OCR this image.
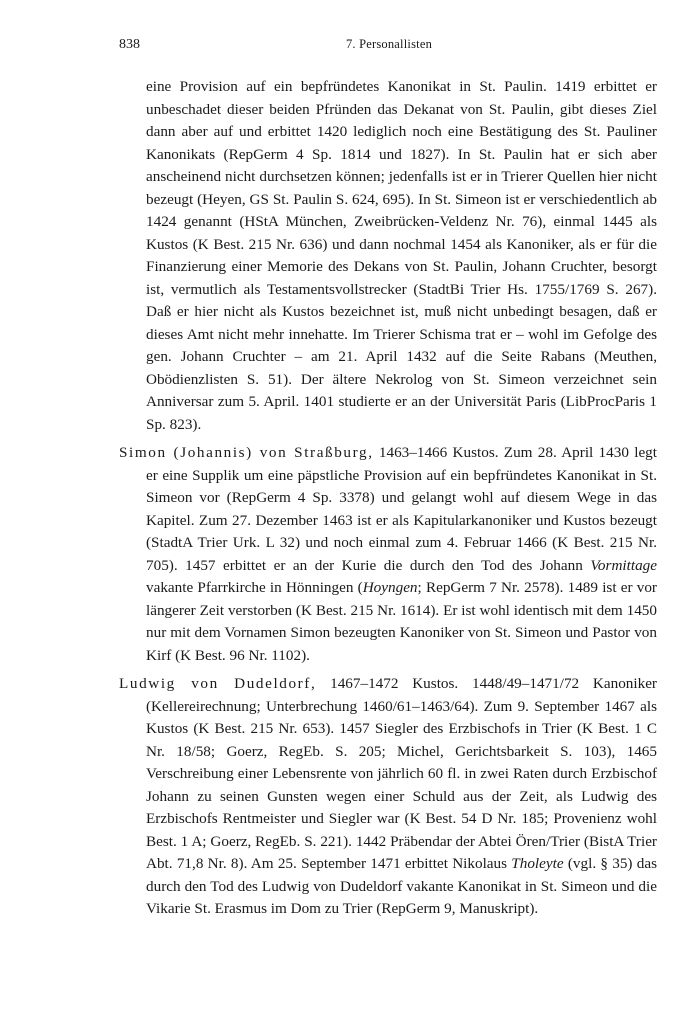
838	7. Personallisten

eine Provision auf ein bepfründetes Kanonikat in St. Paulin. 1419 erbittet er unbeschadet dieser beiden Pfründen das Dekanat von St. Paulin, gibt dieses Ziel dann aber auf und erbittet 1420 lediglich noch eine Bestätigung des St. Pauliner Kanonikats (RepGerm 4 Sp. 1814 und 1827). In St. Paulin hat er sich aber anscheinend nicht durchsetzen können; jedenfalls ist er in Trierer Quellen hier nicht bezeugt (Heyen, GS St. Paulin S. 624, 695). In St. Simeon ist er verschiedentlich ab 1424 genannt (HStA München, Zweibrücken-Veldenz Nr. 76), einmal 1445 als Kustos (K Best. 215 Nr. 636) und dann nochmal 1454 als Kanoniker, als er für die Finanzierung einer Memorie des Dekans von St. Paulin, Johann Cruchter, besorgt ist, vermutlich als Testamentsvollstrecker (StadtBi Trier Hs. 1755/1769 S. 267). Daß er hier nicht als Kustos bezeichnet ist, muß nicht unbedingt besagen, daß er dieses Amt nicht mehr innehatte. Im Trierer Schisma trat er – wohl im Gefolge des gen. Johann Cruchter – am 21. April 1432 auf die Seite Rabans (Meuthen, Obödienzlisten S. 51). Der ältere Nekrolog von St. Simeon verzeichnet sein Anniversar zum 5. April. 1401 studierte er an der Universität Paris (LibProcParis 1 Sp. 823).

Simon (Johannis) von Straßburg, 1463–1466 Kustos. Zum 28. April 1430 legt er eine Supplik um eine päpstliche Provision auf ein bepfründetes Kanonikat in St. Simeon vor (RepGerm 4 Sp. 3378) und gelangt wohl auf diesem Wege in das Kapitel. Zum 27. Dezember 1463 ist er als Kapitularkanoniker und Kustos bezeugt (StadtA Trier Urk. L 32) und noch einmal zum 4. Februar 1466 (K Best. 215 Nr. 705). 1457 erbittet er an der Kurie die durch den Tod des Johann Vormittage vakante Pfarrkirche in Hönningen (Hoyngen; RepGerm 7 Nr. 2578). 1489 ist er vor längerer Zeit verstorben (K Best. 215 Nr. 1614). Er ist wohl identisch mit dem 1450 nur mit dem Vornamen Simon bezeugten Kanoniker von St. Simeon und Pastor von Kirf (K Best. 96 Nr. 1102).

Ludwig von Dudeldorf, 1467–1472 Kustos. 1448/49–1471/72 Kanoniker (Kellereirechnung; Unterbrechung 1460/61–1463/64). Zum 9. September 1467 als Kustos (K Best. 215 Nr. 653). 1457 Siegler des Erzbischofs in Trier (K Best. 1 C Nr. 18/58; Goerz, RegEb. S. 205; Michel, Gerichtsbarkeit S. 103), 1465 Verschreibung einer Lebensrente von jährlich 60 fl. in zwei Raten durch Erzbischof Johann zu seinen Gunsten wegen einer Schuld aus der Zeit, als Ludwig des Erzbischofs Rentmeister und Siegler war (K Best. 54 D Nr. 185; Provenienz wohl Best. 1 A; Goerz, RegEb. S. 221). 1442 Präbendar der Abtei Ören/Trier (BistA Trier Abt. 71,8 Nr. 8). Am 25. September 1471 erbittet Nikolaus Tholeyte (vgl. § 35) das durch den Tod des Ludwig von Dudeldorf vakante Kanonikat in St. Simeon und die Vikarie St. Erasmus im Dom zu Trier (RepGerm 9, Manuskript).
